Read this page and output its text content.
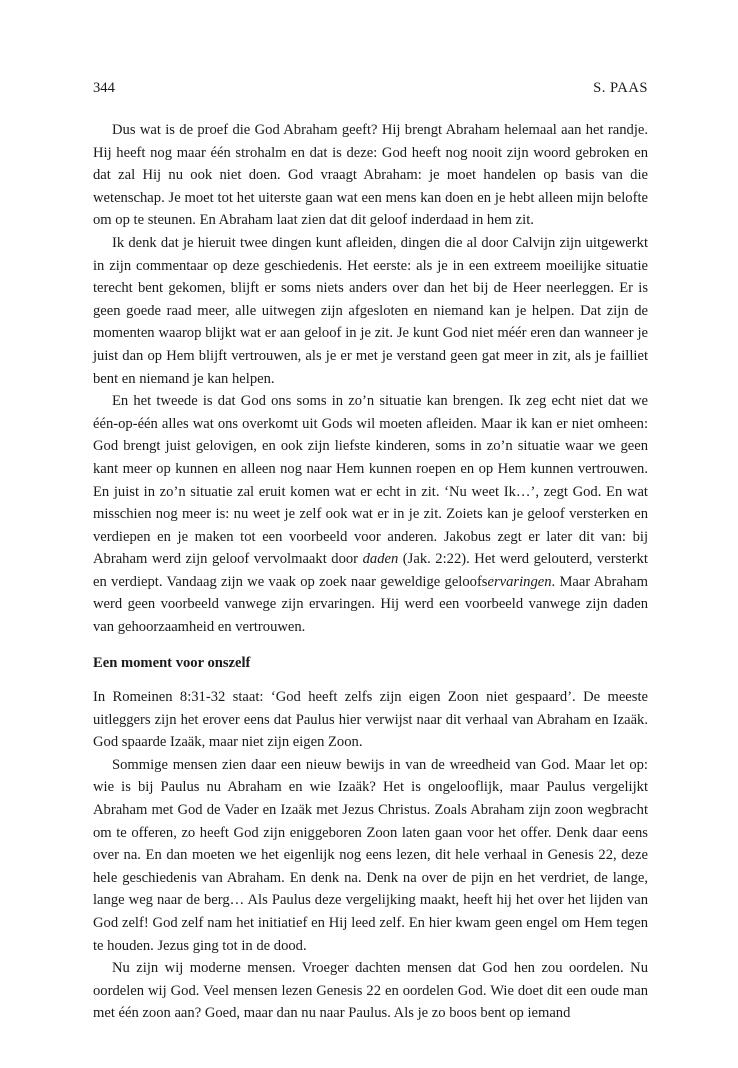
344	S. PAAS

Dus wat is de proef die God Abraham geeft? Hij brengt Abraham helemaal aan het randje. Hij heeft nog maar één strohalm en dat is deze: God heeft nog nooit zijn woord gebroken en dat zal Hij nu ook niet doen. God vraagt Abraham: je moet handelen op basis van die wetenschap. Je moet tot het uiterste gaan wat een mens kan doen en je hebt alleen mijn belofte om op te steunen. En Abraham laat zien dat dit geloof inderdaad in hem zit.

Ik denk dat je hieruit twee dingen kunt afleiden, dingen die al door Calvijn zijn uitgewerkt in zijn commentaar op deze geschiedenis. Het eerste: als je in een extreem moeilijke situatie terecht bent gekomen, blijft er soms niets anders over dan het bij de Heer neerleggen. Er is geen goede raad meer, alle uitwegen zijn afgesloten en niemand kan je helpen. Dat zijn de momenten waarop blijkt wat er aan geloof in je zit. Je kunt God niet méér eren dan wanneer je juist dan op Hem blijft vertrouwen, als je er met je verstand geen gat meer in zit, als je failliet bent en niemand je kan helpen.

En het tweede is dat God ons soms in zo’n situatie kan brengen. Ik zeg echt niet dat we één-op-één alles wat ons overkomt uit Gods wil moeten afleiden. Maar ik kan er niet omheen: God brengt juist gelovigen, en ook zijn liefste kinderen, soms in zo’n situatie waar we geen kant meer op kunnen en alleen nog naar Hem kunnen roepen en op Hem kunnen vertrouwen. En juist in zo’n situatie zal eruit komen wat er echt in zit. ‘Nu weet Ik…’, zegt God. En wat misschien nog meer is: nu weet je zelf ook wat er in je zit. Zoiets kan je geloof versterken en verdiepen en je maken tot een voorbeeld voor anderen. Jakobus zegt er later dit van: bij Abraham werd zijn geloof vervolmaakt door daden (Jak. 2:22). Het werd gelouterd, versterkt en verdiept. Vandaag zijn we vaak op zoek naar geweldige geloofservaringen. Maar Abraham werd geen voorbeeld vanwege zijn ervaringen. Hij werd een voorbeeld vanwege zijn daden van gehoorzaamheid en vertrouwen.

Een moment voor onszelf

In Romeinen 8:31-32 staat: ‘God heeft zelfs zijn eigen Zoon niet gespaard’. De meeste uitleggers zijn het erover eens dat Paulus hier verwijst naar dit verhaal van Abraham en Izaäk. God spaarde Izaäk, maar niet zijn eigen Zoon.

Sommige mensen zien daar een nieuw bewijs in van de wreedheid van God. Maar let op: wie is bij Paulus nu Abraham en wie Izaäk? Het is ongelooflijk, maar Paulus vergelijkt Abraham met God de Vader en Izaäk met Jezus Christus. Zoals Abraham zijn zoon wegbracht om te offeren, zo heeft God zijn eniggeboren Zoon laten gaan voor het offer. Denk daar eens over na. En dan moeten we het eigenlijk nog eens lezen, dit hele verhaal in Genesis 22, deze hele geschiedenis van Abraham. En denk na. Denk na over de pijn en het verdriet, de lange, lange weg naar de berg… Als Paulus deze vergelijking maakt, heeft hij het over het lijden van God zelf! God zelf nam het initiatief en Hij leed zelf. En hier kwam geen engel om Hem tegen te houden. Jezus ging tot in de dood.

Nu zijn wij moderne mensen. Vroeger dachten mensen dat God hen zou oordelen. Nu oordelen wij God. Veel mensen lezen Genesis 22 en oordelen God. Wie doet dit een oude man met één zoon aan? Goed, maar dan nu naar Paulus. Als je zo boos bent op iemand
